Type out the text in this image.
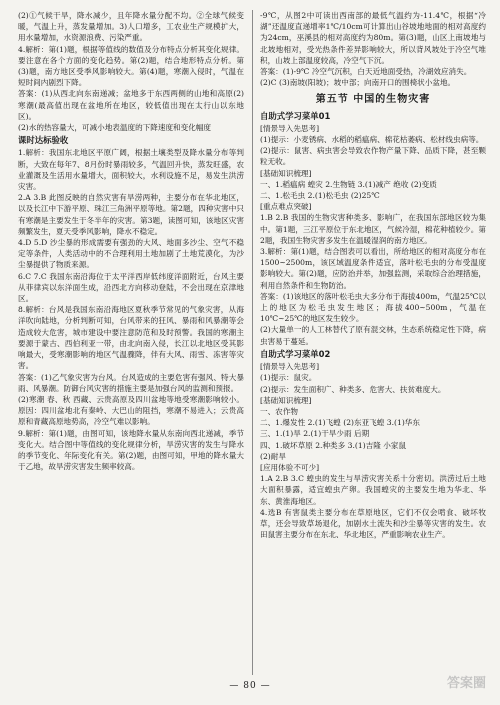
(2)①气候干旱，降水减少，且年降水量分配不均。②全球气候变暖，气温上升，蒸发量增加。3)人口增多，工农业生产规模扩大，用水量增加，水资源浪费、污染严重。

4.解析：第(1)题，根据等值线的数值及分布特点分析其变化规律。要注意在各个方面的变化趋势。第(2)题，结合地形特点分析。第(3)题，南方地区受季风影响较大。第(4)题，寒潮入侵时，气温在短时间内剧烈下降。

答案：(1)从西北向东南递减；盆地多于东西两侧的山地和高原(2)寒潮(最高值出现在盆地所在地区，较低值出现在太行山以东地区)。

(2)水的热容量大，可减小地表温度的下降速度和变化幅度

课时达标验收

1.解析：我国东北地区平原广阔，根据土壤类型及降水量分布等判断，大致在每年7、8月份时暴雨较多，气温回升快，蒸发旺盛，农业灌溉及生活用水量增大，面积较大，水利设施不足，易发生洪涝灾害。

2.A 3.B 此图反映的自然灾害有旱涝两种，主要分布在华北地区，以及长江中下游平原、珠江三角洲平原等地。第2题，四种灾害中只有寒潮是主要发生于冬半年的灾害。第3题，读图可知，该地区灾害频繁发生，夏天受季风影响，降水不稳定。

4.D 5.D 沙尘暴的形成需要有强劲的大风、地面多沙尘、空气不稳定等条件，人类活动中的不合理利用土地加剧了土地荒漠化，为沙尘暴提供了物质来源。

6.C 7.C 我国东南沿海位于太平洋西岸低纬度洋面附近，台风主要从菲律宾以东洋面生成，沿西北方向移动登陆，不会出现在京津地区。

8.解析：台风是我国东南沿海地区夏秋季节常见的气象灾害，从海洋吹向陆地，分析判断可知，台风带来的狂风、暴雨和风暴潮等会造成较大危害，城市建设中要注意防范和及时预警。我国的寒潮主要源于蒙古、西伯利亚一带，由北向南入侵，长江以北地区受其影响最大，受寒潮影响的地区气温骤降，伴有大风、雨雪、冻害等灾害。

答案：(1)乙气象灾害为台风。台风造成的主要危害有强风、特大暴雨、风暴潮。防御台风灾害的措施主要是加强台风的监测和预报。

(2)寒潮 春、秋 西藏、云贵高原及四川盆地等地受寒潮影响较小。原因：四川盆地北有秦岭、大巴山的阻挡，寒潮不易进入；云贵高原和青藏高原地势高，冷空气难以影响。

9.解析：第(1)题，由图可知，该地降水量从东南向西北递减，季节变化大。结合图中等值线的变化规律分析，旱涝灾害的发生与降水的季节变化、年际变化有关。第(2)题，由图可知，甲地的降水量大于乙地，故旱涝灾害发生频率较高。

-9℃，从图2中可读出西南部的最低气温约为-11.4℃，根据“冷湖”还温度直递增率1℃/10cm可计算出山谷坡地地面的相对高度约为24cm，巫溪县的相对高度约为80m。第(3)题，山区上南坡地与北坡地相对，受光热条件差异影响较大，所以背风坡处于冷空气堆积，山坡上部温度较高，冷空气下沉。

答案：(1)-9℃ 冷空气沉积，白天近地面受热，冷湖效应消失。

(2)C (3)南坡(阳坡)；坡中部；向南开口的围椅状小盆地。

第五节 中国的生物灾害

自助式学习菜单01

[情景导入先思考]

(1)提示：小麦锈病、水稻的稻瘟病、棉花枯萎病、松材线虫病等。

(2)提示：鼠害、病虫害会导致农作物产量下降、品质下降，甚至颗粒无收。

[基础知识梳理]

一、1.稻瘟病 蝗灾 2.生物链 3.(1)减产 绝收 (2)变质

二、1.松毛虫 2.(1)松毛虫 (2)25℃

[重点难点突破]

1.B 2.B 我国的生物灾害种类多、影响广，在我国东部地区较为集中。第1题，三江平原位于东北地区，气候冷湿，棉花种植较少。第2题，我国生物灾害多发生在温暖湿润的南方地区。

3.解析：第(1)题，结合图表可以看出，所给地区的相对高度分布在1500~2500m，该区域温度条件适宜，落叶松毛虫的分布受温度影响较大。第(2)题，应防治并举，加强监测，采取综合治理措施，利用自然条件和生物防治。

答案：(1)该地区的落叶松毛虫大多分布于海拔400m，气温25℃以上的地区为松毛虫发生地区；海拔400~500m，气温在10℃~25℃的地区发生较少。

(2)大量单一的人工林替代了原有混交林，生态系统稳定性下降，病虫害易于蔓延。

自助式学习菜单02

[情景导入先思考]

(1)提示：鼠灾。

(2)提示：发生面积广、种类多、危害大、扶贫难度大。

[基础知识梳理]

一、农作物

二、1.爆发性 2.(1)飞蝗 (2)东亚飞蝗 3.(1)华东

三、1.(1)旱 2.(1)干旱少雨 后期

四、1.破坏草原 2.种类多 3.(1)吉隆 小家鼠

(2)耐旱

[应用体验不可少]

1.A 2.B 3.C 蝗虫的发生与旱涝灾害关系十分密切。洪涝过后土地大面积暴露，适宜蝗虫产卵。我国蝗灾的主要发生地为华北、华东、黄淮海地区。

4.选B 有害鼠类主要分布在草原地区，它们不仅会啃食、破坏牧草，还会导致草场退化，加剧水土流失和沙尘暴等灾害的发生。农田鼠害主要分布在东北、华北地区，严重影响农业生产。

— 80 —	答案圈
